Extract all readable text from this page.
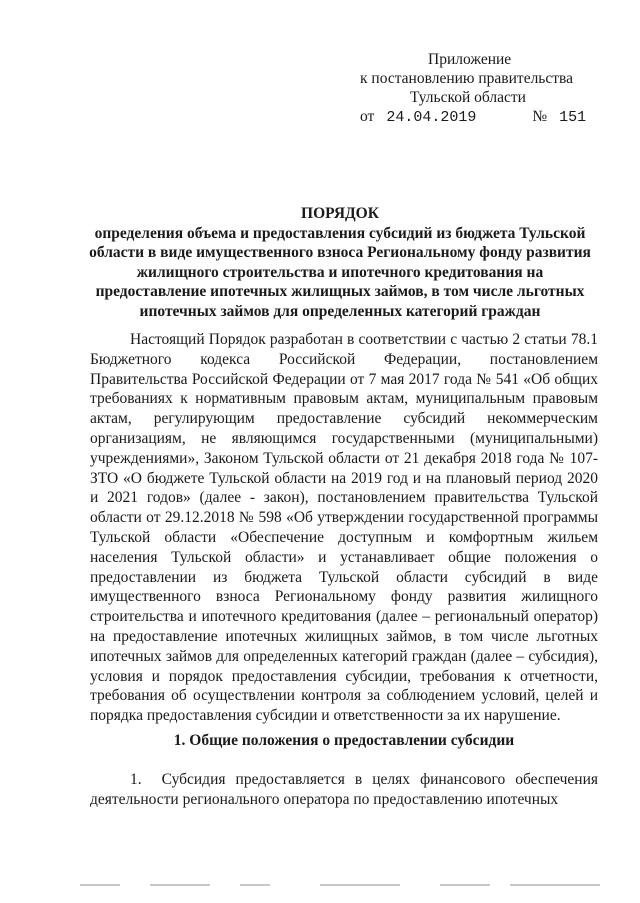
Приложение
к постановлению правительства
Тульской области
от 24.04.2019	№ 151
ПОРЯДОК
определения объема и предоставления субсидий из бюджета Тульской
области в виде имущественного взноса Региональному фонду развития
жилищного строительства и ипотечного кредитования на
предоставление ипотечных жилищных займов, в том числе льготных
ипотечных займов для определенных категорий граждан

Настоящий Порядок разработан в соответствии с частью 2 статьи 78.1 Бюджетного кодекса Российской Федерации, постановлением Правительства Российской Федерации от 7 мая 2017 года № 541 «Об общих требованиях к нормативным правовым актам, муниципальным правовым актам, регулирующим предоставление субсидий некоммерческим организациям, не являющимся государственными (муниципальными) учреждениями», Законом Тульской области от 21 декабря 2018 года № 107-ЗТО «О бюджете Тульской области на 2019 год и на плановый период 2020 и 2021 годов» (далее - закон), постановлением правительства Тульской области от 29.12.2018 № 598 «Об утверждении государственной программы Тульской области «Обеспечение доступным и комфортным жильем населения Тульской области» и устанавливает общие положения о предоставлении из бюджета Тульской области субсидий в виде имущественного взноса Региональному фонду развития жилищного строительства и ипотечного кредитования (далее – региональный оператор) на предоставление ипотечных жилищных займов, в том числе льготных ипотечных займов для определенных категорий граждан (далее – субсидия), условия и порядок предоставления субсидии, требования к отчетности, требования об осуществлении контроля за соблюдением условий, целей и порядка предоставления субсидии и ответственности за их нарушение.

1. Общие положения о предоставлении субсидии

1. Субсидия предоставляется в целях финансового обеспечения деятельности регионального оператора по предоставлению ипотечных
